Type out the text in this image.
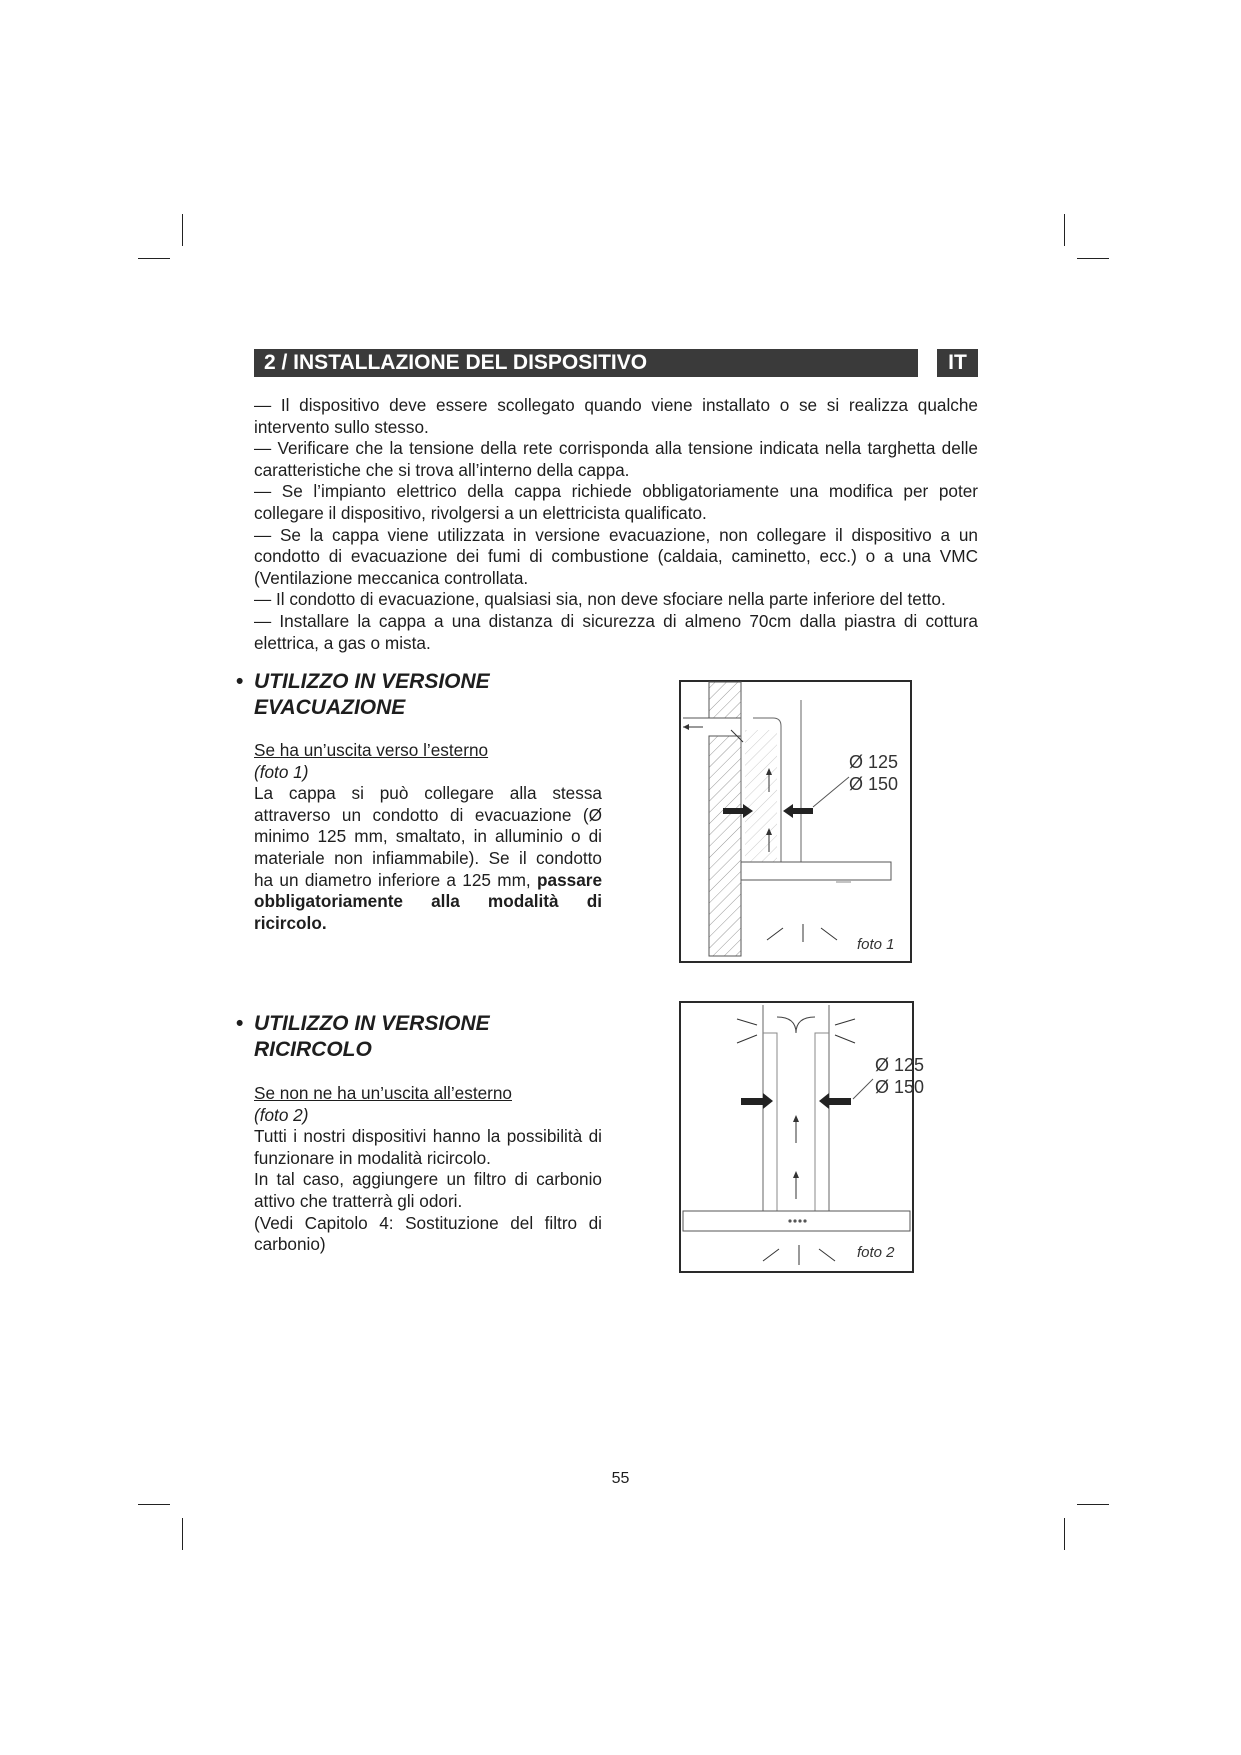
2 / INSTALLAZIONE DEL DISPOSITIVO	IT

— Il dispositivo deve essere scollegato quando viene installato o se si realizza qualche intervento sullo stesso.

— Verificare che la tensione della rete corrisponda alla tensione indicata nella targhetta delle caratteristiche che si trova all’interno della cappa.

— Se l’impianto elettrico della cappa richiede obbligatoriamente una modifica per poter collegare il dispositivo, rivolgersi a un elettricista qualificato.

— Se la cappa viene utilizzata in versione evacuazione, non collegare il dispositivo a un condotto di evacuazione dei fumi di combustione (caldaia, caminetto, ecc.) o a una VMC (Ventilazione meccanica controllata.

— Il condotto di evacuazione, qualsiasi sia, non deve sfociare nella parte inferiore del tetto.

— Installare la cappa a una distanza di sicurezza di almeno 70cm dalla piastra di cottura elettrica, a gas o mista.

• UTILIZZO IN VERSIONE
EVACUAZIONE

Se ha un’uscita verso l’esterno

(foto 1)

La cappa si può collegare alla stessa attraverso un condotto di evacuazione (Ø minimo 125 mm, smaltato, in alluminio o di materiale non infiammabile). Se il condotto ha un diametro inferiore a 125 mm, passare obbligatoriamente alla modalità di ricircolo.

Ø 125
Ø 150
foto 1
• UTILIZZO IN VERSIONE
RICIRCOLO

Se non ne ha un’uscita all’esterno

(foto 2)

Tutti i nostri dispositivi hanno la possibilità di funzionare in modalità ricircolo.

In tal caso, aggiungere un filtro di carbonio attivo che tratterrà gli odori.

(Vedi Capitolo 4: Sostituzione del filtro di carbonio)

Ø 125
Ø 150
foto 2
55
